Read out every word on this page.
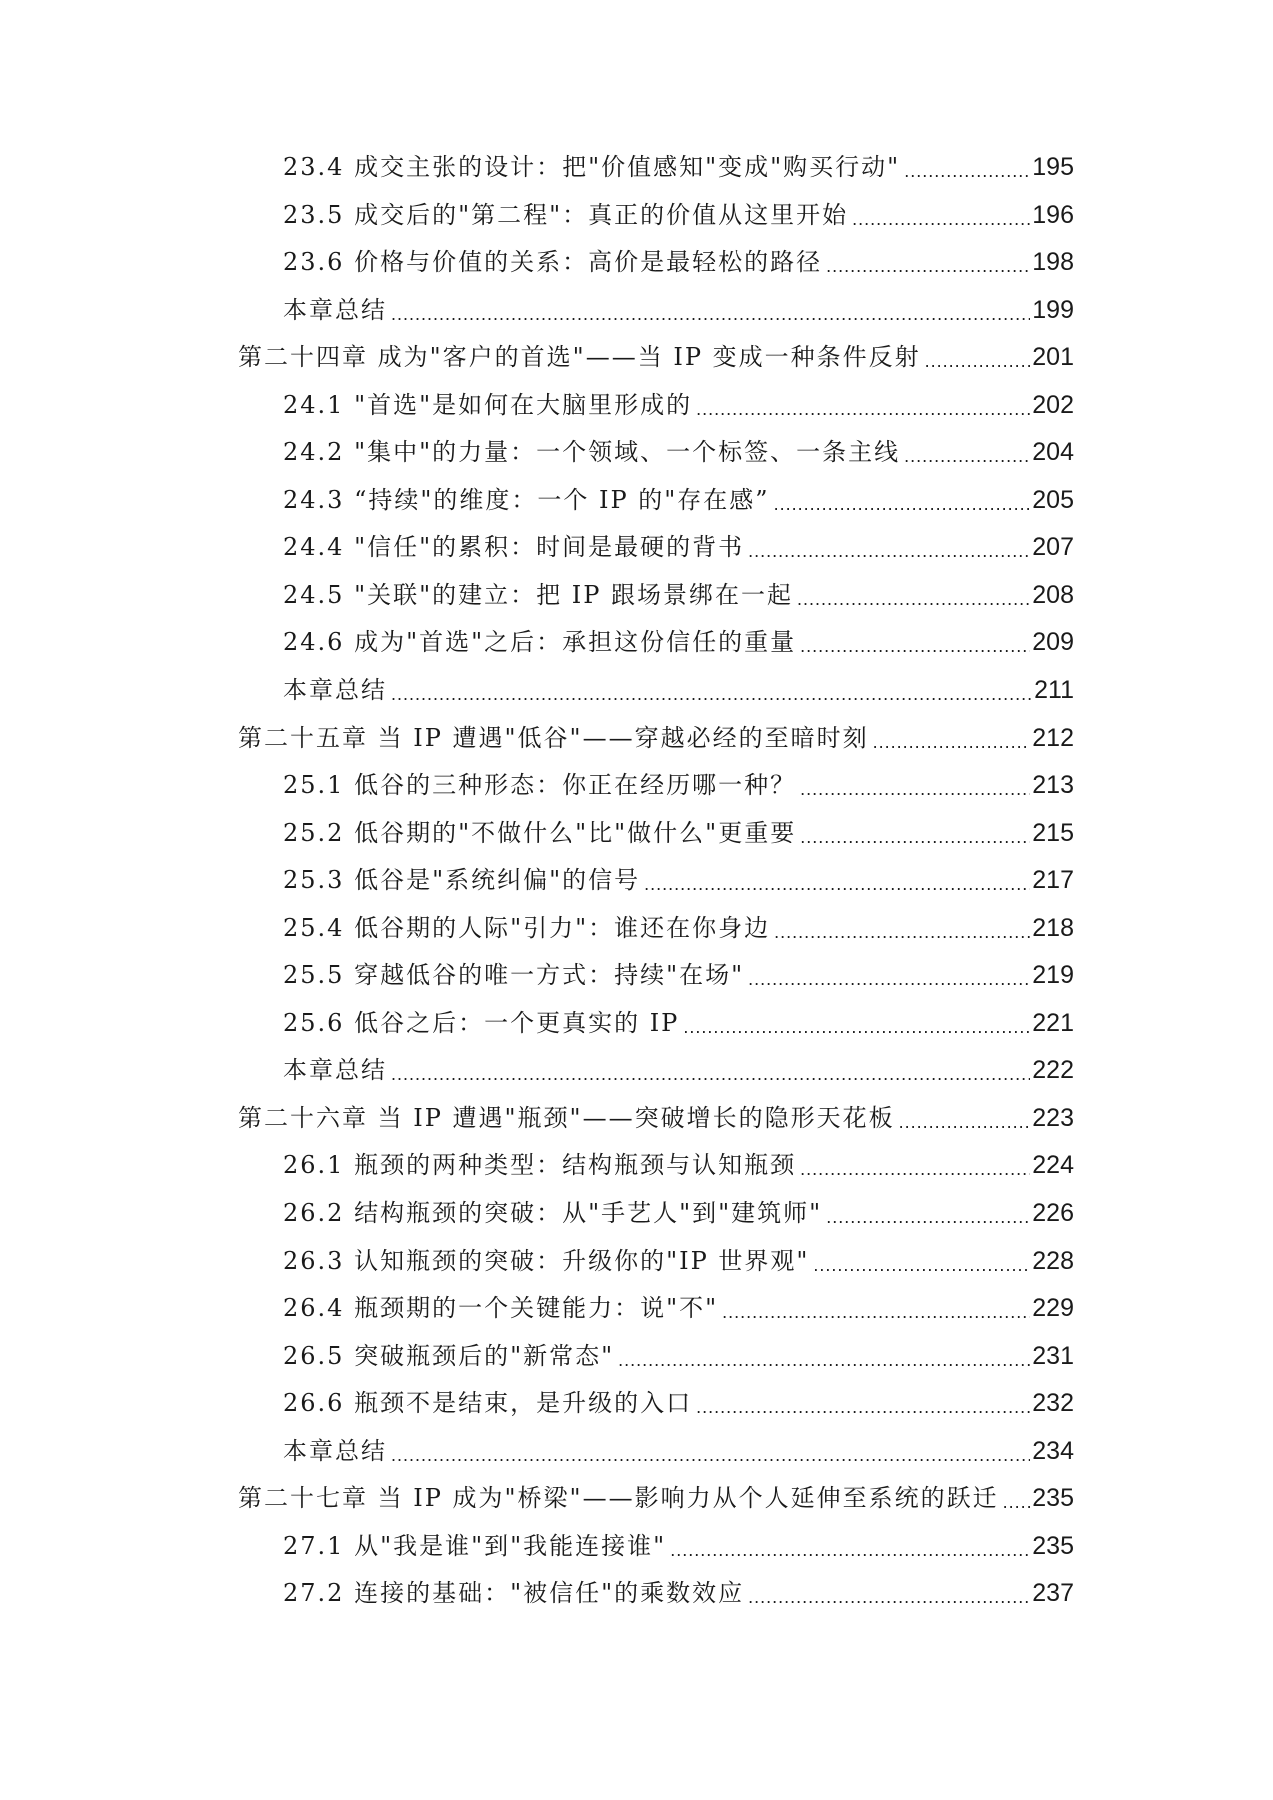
23.4 成交主张的设计：把"价值感知"变成"购买行动" .....	195
23.5 成交后的"第二程"：真正的价值从这里开始 .....	196
23.6 价格与价值的关系：高价是最轻松的路径 .....	198
本章总结 .....	199
第二十四章 成为"客户的首选"——当 IP 变成一种条件反射 .....	201
24.1 "首选"是如何在大脑里形成的 .....	202
24.2 "集中"的力量：一个领域、一个标签、一条主线 .....	204
24.3 “持续"的维度：一个 IP 的"存在感” .....	205
24.4 "信任"的累积：时间是最硬的背书 .....	207
24.5 "关联"的建立：把 IP 跟场景绑在一起 .....	208
24.6 成为"首选"之后：承担这份信任的重量 .....	209
本章总结 .....	211
第二十五章 当 IP 遭遇"低谷"——穿越必经的至暗时刻 .....	212
25.1 低谷的三种形态：你正在经历哪一种？ .....	213
25.2 低谷期的"不做什么"比"做什么"更重要 .....	215
25.3 低谷是"系统纠偏"的信号 .....	217
25.4 低谷期的人际"引力"：谁还在你身边 .....	218
25.5 穿越低谷的唯一方式：持续"在场" .....	219
25.6 低谷之后：一个更真实的 IP .....	221
本章总结 .....	222
第二十六章 当 IP 遭遇"瓶颈"——突破增长的隐形天花板 .....	223
26.1 瓶颈的两种类型：结构瓶颈与认知瓶颈 .....	224
26.2 结构瓶颈的突破：从"手艺人"到"建筑师" .....	226
26.3 认知瓶颈的突破：升级你的"IP 世界观" .....	228
26.4 瓶颈期的一个关键能力：说"不" .....	229
26.5 突破瓶颈后的"新常态" .....	231
26.6 瓶颈不是结束，是升级的入口 .....	232
本章总结 .....	234
第二十七章 当 IP 成为"桥梁"——影响力从个人延伸至系统的跃迁 ..... 235
27.1 从"我是谁"到"我能连接谁" .....	235
27.2 连接的基础："被信任"的乘数效应 .....	237
